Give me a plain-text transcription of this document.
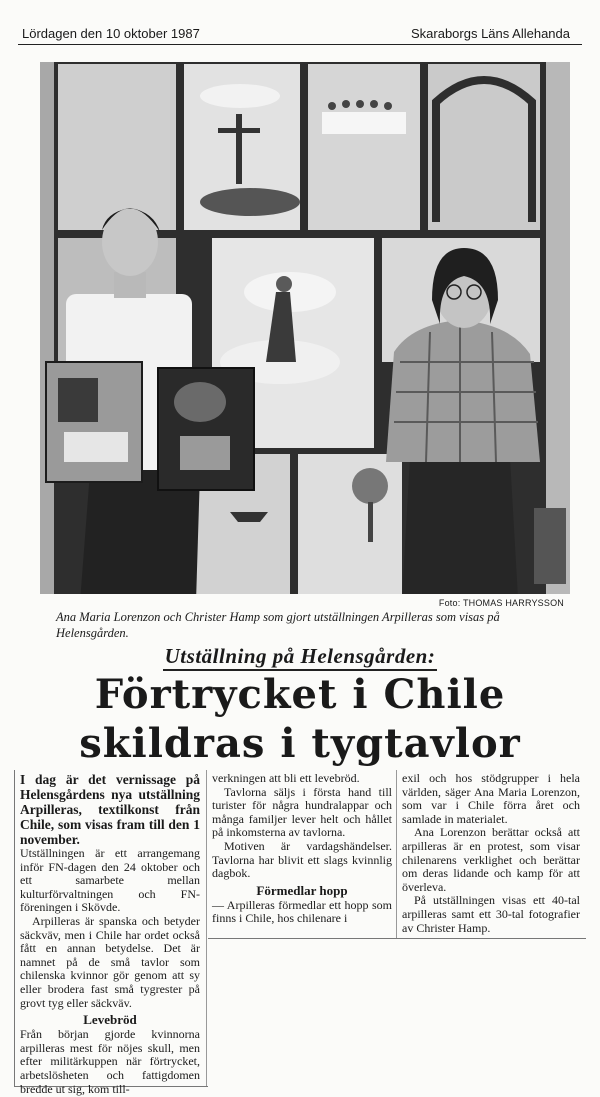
Lördagen den 10 oktober 1987	Skaraborgs Läns Allehanda
Foto: THOMAS HARRYSSON
Ana Maria Lorenzon och Christer Hamp som gjort utställningen Arpilleras som visas på Helensgården.
Utställning på Helensgården:
Förtrycket i Chile
skildras i tygtavlor

I dag är det vernissage på Helensgårdens nya utställning Arpilleras, textilkonst från Chile, som visas fram till den 1 november.

Utställningen är ett arrangemang inför FN-dagen den 24 oktober och ett samarbete mellan kulturförvaltningen och FN-föreningen i Skövde.

Arpilleras är spanska och betyder säckväv, men i Chile har ordet också fått en annan betydelse. Det är namnet på de små tavlor som chilenska kvinnor gör genom att sy eller brodera fast små tygrester på grovt tyg eller säckväv.

Levebröd

Från början gjorde kvinnorna arpilleras mest för nöjes skull, men efter militärkuppen när förtrycket, arbetslösheten och fattigdomen bredde ut sig, kom till-

verkningen att bli ett levebröd.

Tavlorna säljs i första hand till turister för några hundralappar och många familjer lever helt och hållet på inkomsterna av tavlorna.

Motiven är vardagshändelser. Tavlorna har blivit ett slags kvinnlig dagbok.

Förmedlar hopp

— Arpilleras förmedlar ett hopp som finns i Chile, hos chilenare i

exil och hos stödgrupper i hela världen, säger Ana Maria Lorenzon, som var i Chile förra året och samlade in materialet.

Ana Lorenzon berättar också att arpilleras är en protest, som visar chilenarens verklighet och berättar om deras lidande och kamp för att överleva.

På utställningen visas ett 40-tal arpilleras samt ett 30-tal fotografier av Christer Hamp.
